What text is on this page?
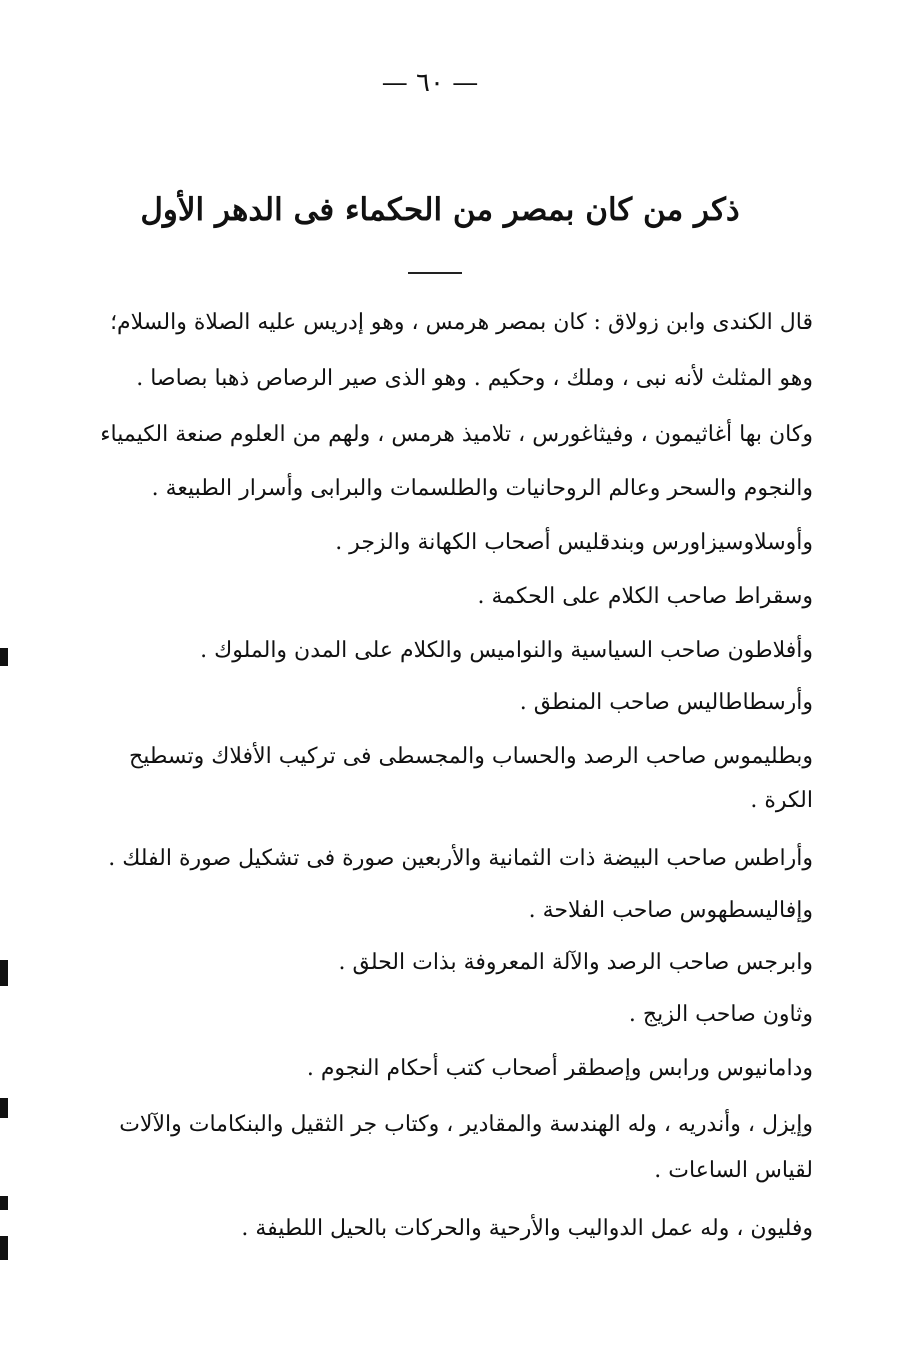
— ٦٠ —
ذكر من كان بمصر من الحكماء فى الدهر الأول
قال الكندى وابن زولاق : كان بمصر هرمس ، وهو إدريس عليه الصلاة والسلام؛
وهو المثلث لأنه نبى ، وملك ، وحكيم . وهو الذى صير الرصاص ذهبا بصاصا .
وكان بها أغاثيمون ، وفيثاغورس ، تلاميذ هرمس ، ولهم من العلوم صنعة الكيمياء
والنجوم والسحر وعالم الروحانيات والطلسمات والبرابى وأسرار الطبيعة .
وأوسلاوسيزاورس وبندقليس أصحاب الكهانة والزجر .
وسقراط صاحب الكلام على الحكمة .
وأفلاطون صاحب السياسية والنواميس والكلام على المدن والملوك .
وأرسطاطاليس صاحب المنطق .
وبطليموس صاحب الرصد والحساب والمجسطى فى تركيب الأفلاك وتسطيح
الكرة .
وأراطس صاحب البيضة ذات الثمانية والأربعين صورة فى تشكيل صورة الفلك .
وإفاليسطهوس صاحب الفلاحة .
وابرجس صاحب الرصد والآلة المعروفة بذات الحلق .
وثاون صاحب الزيج .
ودامانيوس ورابس وإصطقر أصحاب كتب أحكام النجوم .
وإيزل ، وأندريه ، وله الهندسة والمقادير ، وكتاب جر الثقيل والبنكامات والآلات
لقياس الساعات .
وفليون ، وله عمل الدواليب والأرحية والحركات بالحيل اللطيفة .
